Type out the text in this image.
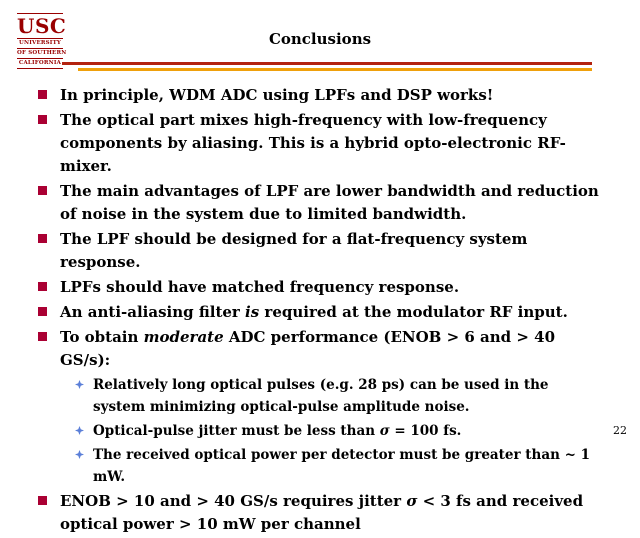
USC
UNIVERSITY
OF SOUTHERN
CALIFORNIA
Conclusions
In principle, WDM ADC using LPFs and DSP works!
The optical part mixes high-frequency with low-frequency components by aliasing. This is a hybrid opto-electronic RF-mixer.
The main advantages of LPF are lower bandwidth and reduction of noise in the system due to limited bandwidth.
The LPF should be designed for a flat-frequency system response.
LPFs should have matched frequency response.
An anti-aliasing filter is required at the modulator RF input.
To obtain moderate ADC performance (ENOB > 6 and > 40 GS/s):
Relatively long optical pulses (e.g. 28 ps) can be used in the system minimizing optical-pulse amplitude noise.
Optical-pulse jitter must be less than σ = 100 fs.
The received optical power per detector must be greater than ~ 1 mW.
ENOB > 10 and > 40 GS/s requires jitter σ < 3 fs and received optical power > 10 mW per channel
22
